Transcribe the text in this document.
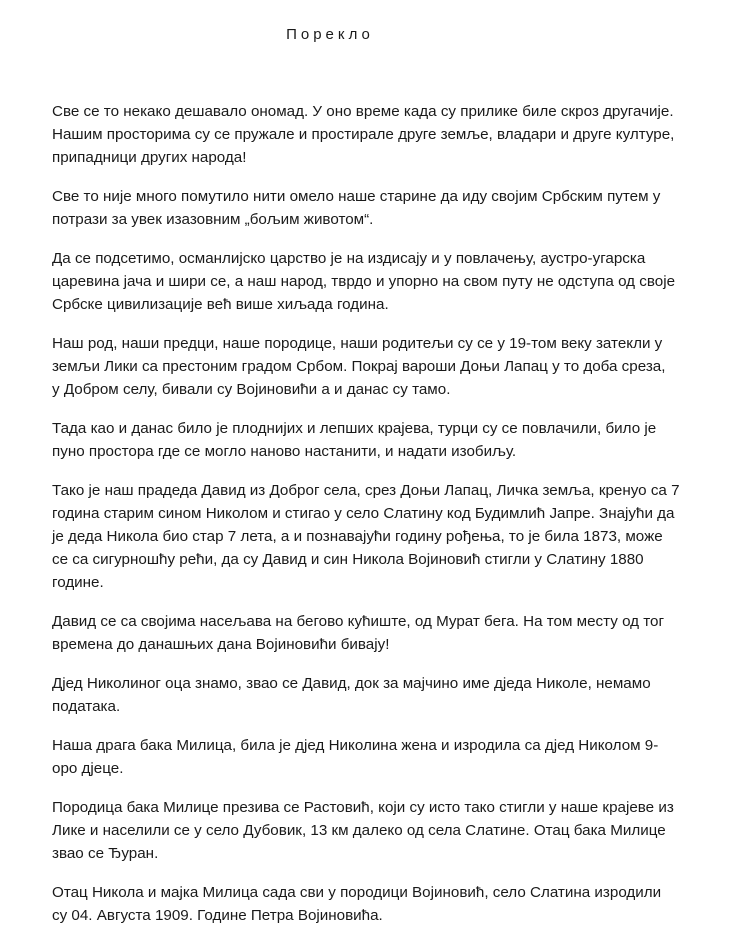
Порекло

Све се то некако дешавало ономад. У оно време када су прилике биле скроз другачије.
Нашим просторима су се пружале и простирале друге земље, владари и друге културе,
припадници других народа!

Све то није много помутило нити омело наше старине да иду својим Србским путем у
потрази за увек изазовним „бољим животом“.

Да се подсетимо, османлијско царство је на издисају и у повлачењу, аустро-угарска
царевина јача и шири се, а наш народ, тврдо и упорно на свом путу не одступа од своје
Србске цивилизације већ више хиљада година.

Наш род, наши предци, наше породице, наши родитељи су се у 19-том веку затекли у
земљи Лики са престоним градом Србом. Покрај вароши Доњи Лапац у то доба среза,
у Добром селу, бивали су Војиновићи а и данас су тамо.

Тада као и данас било је плоднијих и лепших крајева, турци су се повлачили, било је
пуно простора где се могло наново настанити, и надати изобиљу.

Тако је наш прадеда Давид из Доброг села, срез Доњи Лапац, Личка земља, кренуо са 7
година старим сином Николом и стигао у село Слатину код Будимлић Јапре. Знајући да
је деда Никола био стар 7 лета, а и познавајући годину рођења, то је била 1873, може
се са сигурношћу рећи, да су Давид и син Никола Војиновић стигли у Слатину 1880
године.

Давид се са својима насељава на бегово кућиште, од Мурат бега. На том месту од тог
времена до данашњих дана Војиновићи бивају!

Дјед Николиног оца знамо, звао се Давид, док за мајчино име дједа Николе, немамо
података.

Наша драга бака Милица, била је дјед Николина жена и изродила са дјед Николом 9-
оро дјеце.

Породица бака Милице презива се Растовић, који су исто тако стигли у наше крајеве из
Лике и населили се у село Дубовик, 13 км далеко од села Слатине. Отац бака Милице
звао се Ђуран.

Отац Никола и мајка Милица сада сви у породици Војиновић, село Слатина изродили
су 04. Августа 1909. Године Петра Војиновића.
